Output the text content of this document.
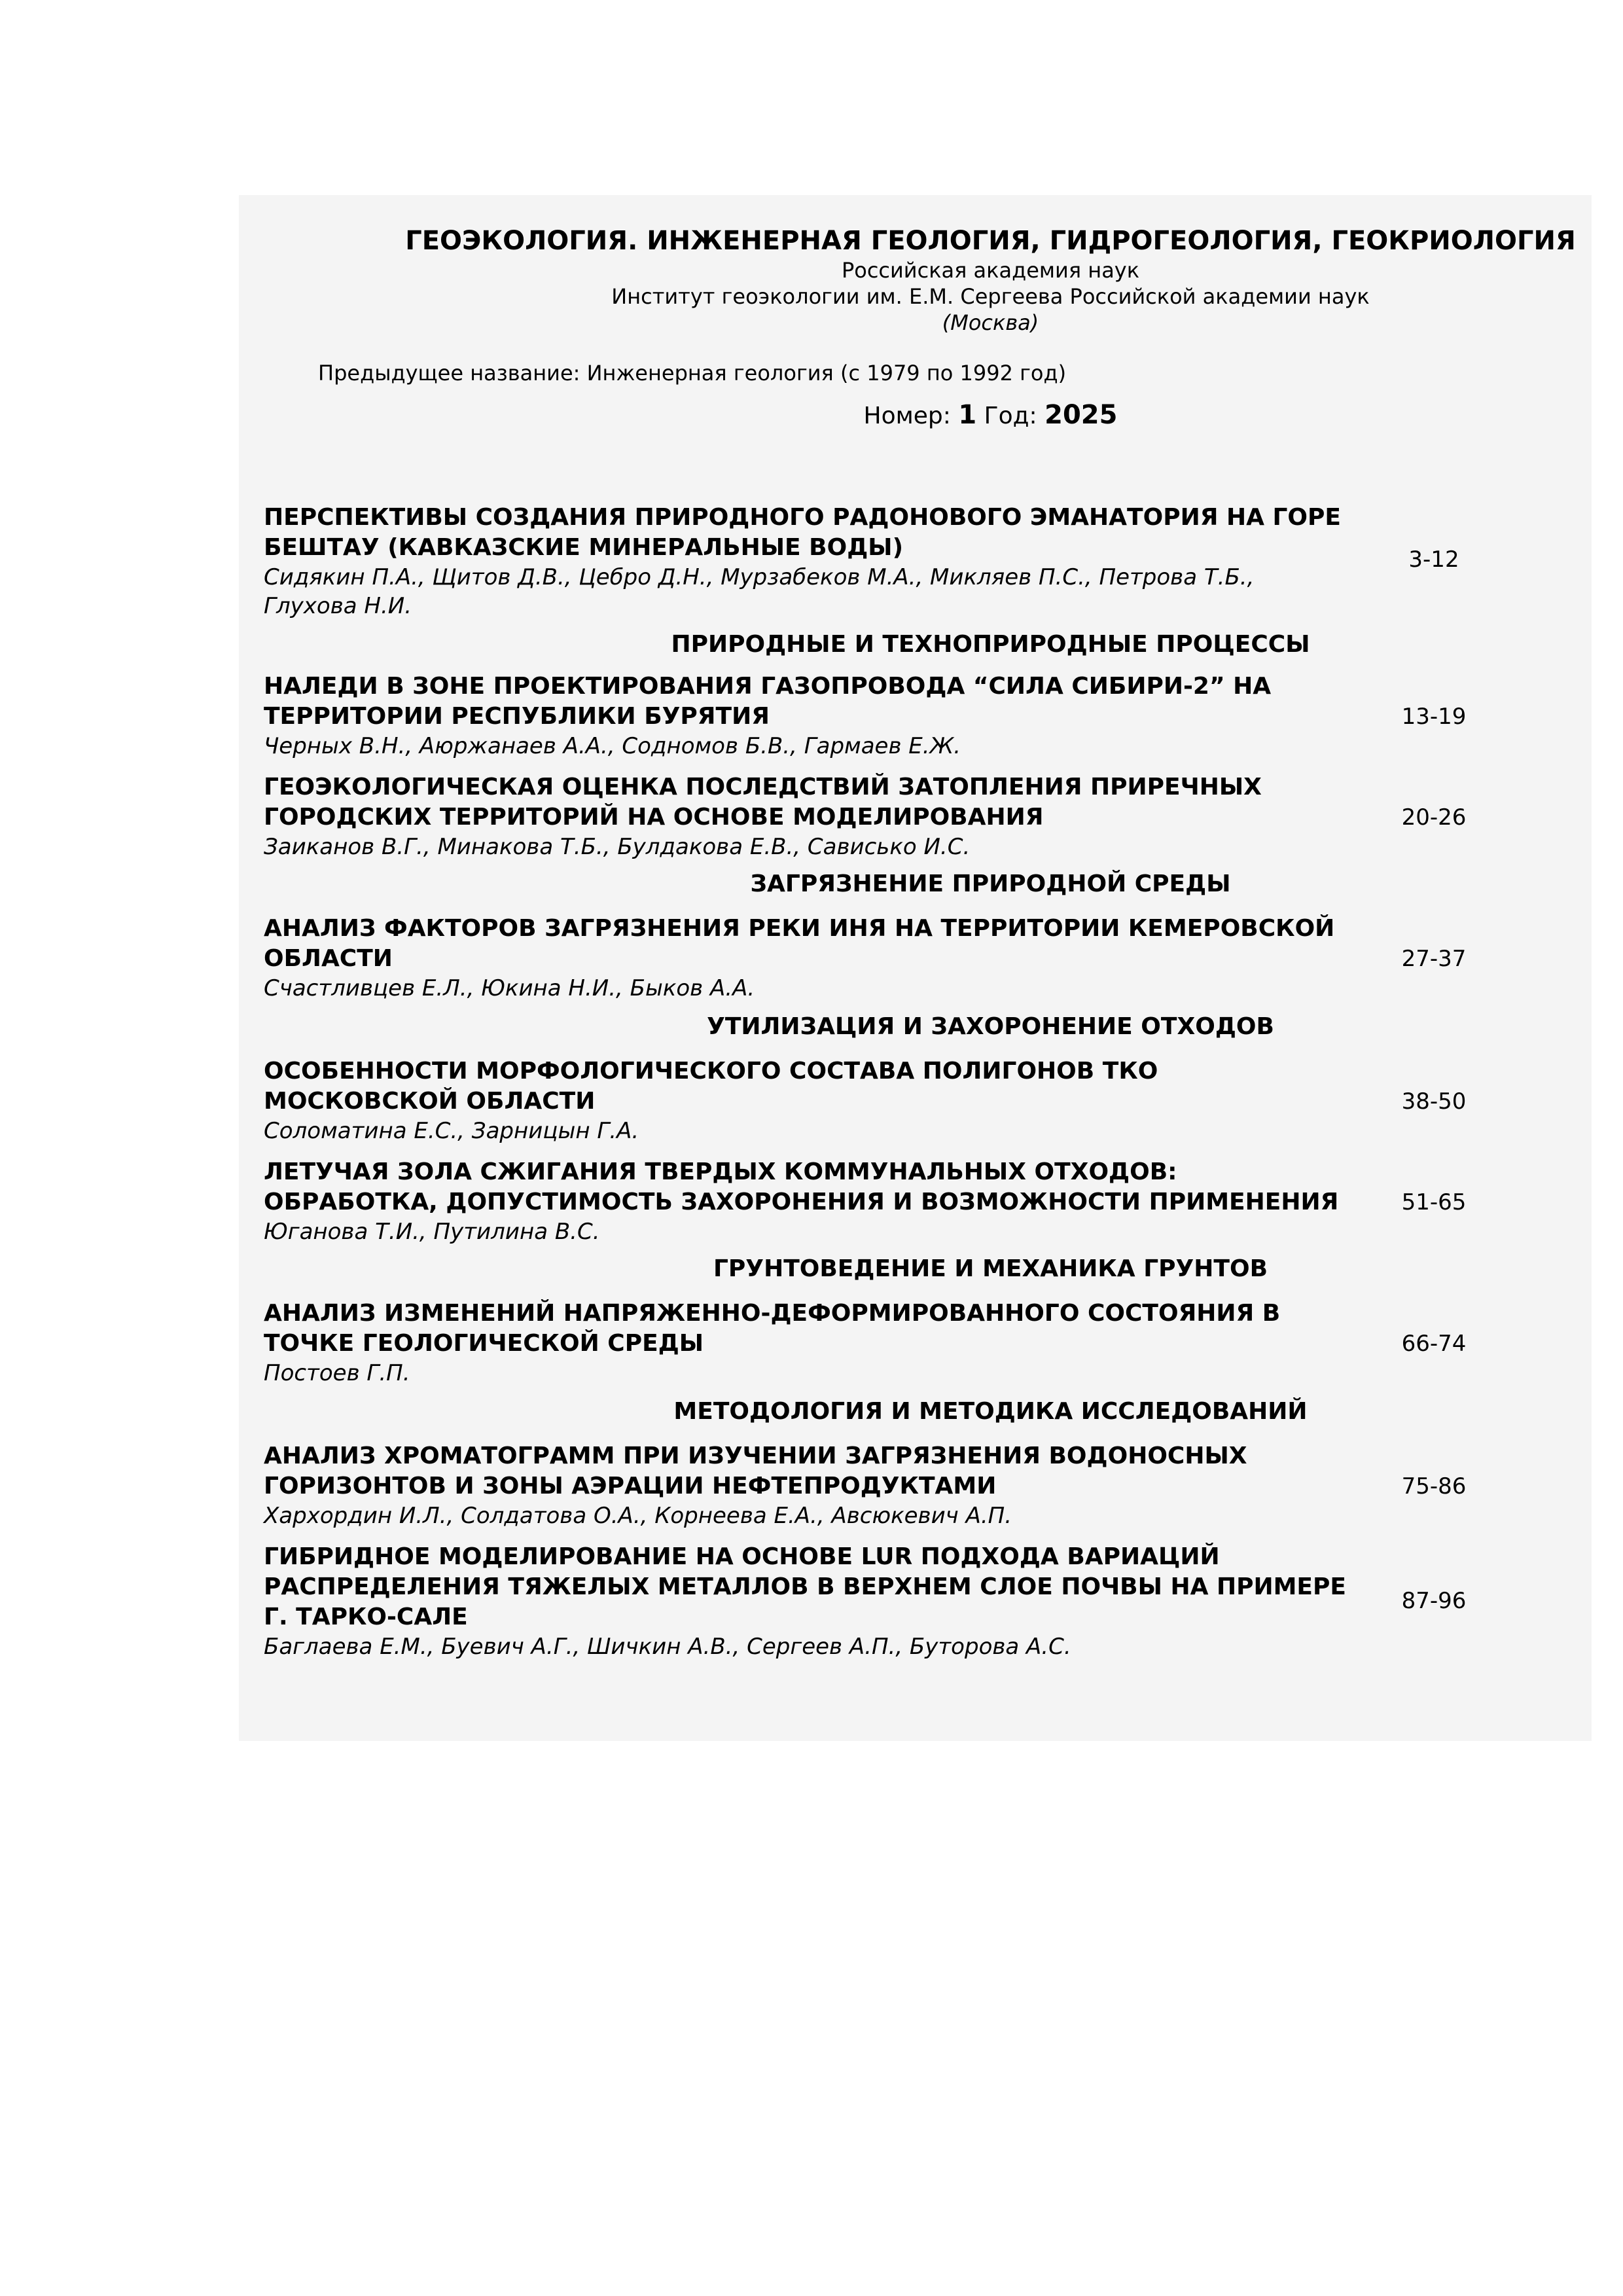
ГЕОЭКОЛОГИЯ. ИНЖЕНЕРНАЯ ГЕОЛОГИЯ, ГИДРОГЕОЛОГИЯ, ГЕОКРИОЛОГИЯ
Российская академия наук
Институт геоэкологии им. Е.М. Сергеева Российской академии наук
(Москва)
Предыдущее название: Инженерная геология (с 1979 по 1992 год)
Номер: 1 Год: 2025
ПЕРСПЕКТИВЫ СОЗДАНИЯ ПРИРОДНОГО РАДОНОВОГО ЭМАНАТОРИЯ НА ГОРЕ БЕШТАУ (КАВКАЗСКИЕ МИНЕРАЛЬНЫЕ ВОДЫ)
Сидякин П.А., Щитов Д.В., Цебро Д.Н., Мурзабеков М.А., Микляев П.С., Петрова Т.Б., Глухова Н.И.
3-12
ПРИРОДНЫЕ И ТЕХНОПРИРОДНЫЕ ПРОЦЕССЫ
НАЛЕДИ В ЗОНЕ ПРОЕКТИРОВАНИЯ ГАЗОПРОВОДА “СИЛА СИБИРИ-2” НА ТЕРРИТОРИИ РЕСПУБЛИКИ БУРЯТИЯ
Черных В.Н., Аюржанаев А.А., Содномов Б.В., Гармаев Е.Ж.
13-19
ГЕОЭКОЛОГИЧЕСКАЯ ОЦЕНКА ПОСЛЕДСТВИЙ ЗАТОПЛЕНИЯ ПРИРЕЧНЫХ ГОРОДСКИХ ТЕРРИТОРИЙ НА ОСНОВЕ МОДЕЛИРОВАНИЯ
Заиканов В.Г., Минакова Т.Б., Булдакова Е.В., Сависько И.С.
20-26
ЗАГРЯЗНЕНИЕ ПРИРОДНОЙ СРЕДЫ
АНАЛИЗ ФАКТОРОВ ЗАГРЯЗНЕНИЯ РЕКИ ИНЯ НА ТЕРРИТОРИИ КЕМЕРОВСКОЙ ОБЛАСТИ
Счастливцев Е.Л., Юкина Н.И., Быков А.А.
27-37
УТИЛИЗАЦИЯ И ЗАХОРОНЕНИЕ ОТХОДОВ
ОСОБЕННОСТИ МОРФОЛОГИЧЕСКОГО СОСТАВА ПОЛИГОНОВ ТКО МОСКОВСКОЙ ОБЛАСТИ
Соломатина Е.С., Зарницын Г.А.
38-50
ЛЕТУЧАЯ ЗОЛА СЖИГАНИЯ ТВЕРДЫХ КОММУНАЛЬНЫХ ОТХОДОВ: ОБРАБОТКА, ДОПУСТИМОСТЬ ЗАХОРОНЕНИЯ И ВОЗМОЖНОСТИ ПРИМЕНЕНИЯ
Юганова Т.И., Путилина В.С.
51-65
ГРУНТОВЕДЕНИЕ И МЕХАНИКА ГРУНТОВ
АНАЛИЗ ИЗМЕНЕНИЙ НАПРЯЖЕННО-ДЕФОРМИРОВАННОГО СОСТОЯНИЯ В ТОЧКЕ ГЕОЛОГИЧЕСКОЙ СРЕДЫ
Постоев Г.П.
66-74
МЕТОДОЛОГИЯ И МЕТОДИКА ИССЛЕДОВАНИЙ
АНАЛИЗ ХРОМАТОГРАММ ПРИ ИЗУЧЕНИИ ЗАГРЯЗНЕНИЯ ВОДОНОСНЫХ ГОРИЗОНТОВ И ЗОНЫ АЭРАЦИИ НЕФТЕПРОДУКТАМИ
Хархордин И.Л., Солдатова О.А., Корнеева Е.А., Авсюкевич А.П.
75-86
ГИБРИДНОЕ МОДЕЛИРОВАНИЕ НА ОСНОВЕ LUR ПОДХОДА ВАРИАЦИЙ РАСПРЕДЕЛЕНИЯ ТЯЖЕЛЫХ МЕТАЛЛОВ В ВЕРХНЕМ СЛОЕ ПОЧВЫ НА ПРИМЕРЕ Г. ТАРКО-САЛЕ
Баглаева Е.М., Буевич А.Г., Шичкин А.В., Сергеев А.П., Буторова А.С.
87-96
